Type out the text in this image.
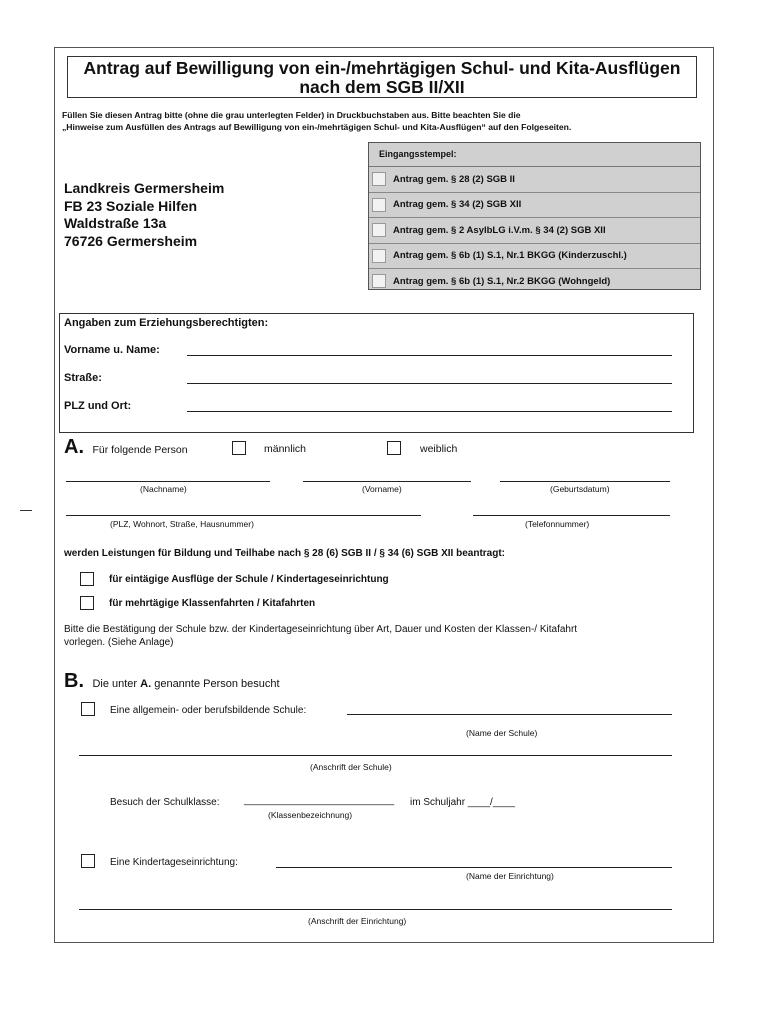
Antrag auf Bewilligung von ein-/mehrtägigen Schul- und Kita-Ausflügen
nach dem SGB II/XII
Füllen Sie diesen Antrag bitte (ohne die grau unterlegten Felder) in Druckbuchstaben aus. Bitte beachten Sie die
„Hinweise zum Ausfüllen des Antrags auf Bewilligung von ein-/mehrtägigen Schul- und Kita-Ausflügen“ auf den Folgeseiten.
Landkreis Germersheim
FB 23 Soziale Hilfen
Waldstraße 13a
76726 Germersheim
Eingangsstempel:
Antrag gem. § 28 (2) SGB II
Antrag gem. § 34 (2) SGB XII
Antrag gem. § 2 AsylbLG i.V.m. § 34 (2) SGB XII
Antrag gem. § 6b (1) S.1, Nr.1 BKGG (Kinderzuschl.)
Antrag gem. § 6b (1) S.1, Nr.2 BKGG (Wohngeld)
Angaben zum Erziehungsberechtigten:
Vorname u. Name:
Straße:
PLZ und Ort:
A. Für folgende Person	männlich	weiblich
(Nachname)	(Vorname)	(Geburtsdatum)
(PLZ, Wohnort, Straße, Hausnummer)	(Telefonnummer)
werden Leistungen für Bildung und Teilhabe nach § 28 (6) SGB II / § 34 (6) SGB XII beantragt:
für eintägige Ausflüge der Schule / Kindertageseinrichtung
für mehrtägige Klassenfahrten / Kitafahrten
Bitte die Bestätigung der Schule bzw. der Kindertageseinrichtung über Art, Dauer und Kosten der Klassen-/ Kitafahrt
vorlegen. (Siehe Anlage)
B. Die unter A. genannte Person besucht
Eine allgemein- oder berufsbildende Schule:
(Name der Schule)
(Anschrift der Schule)
Besuch der Schulklasse: ___________________________ im Schuljahr ____/____
(Klassenbezeichnung)
Eine Kindertageseinrichtung:
(Name der Einrichtung)
(Anschrift der Einrichtung)
